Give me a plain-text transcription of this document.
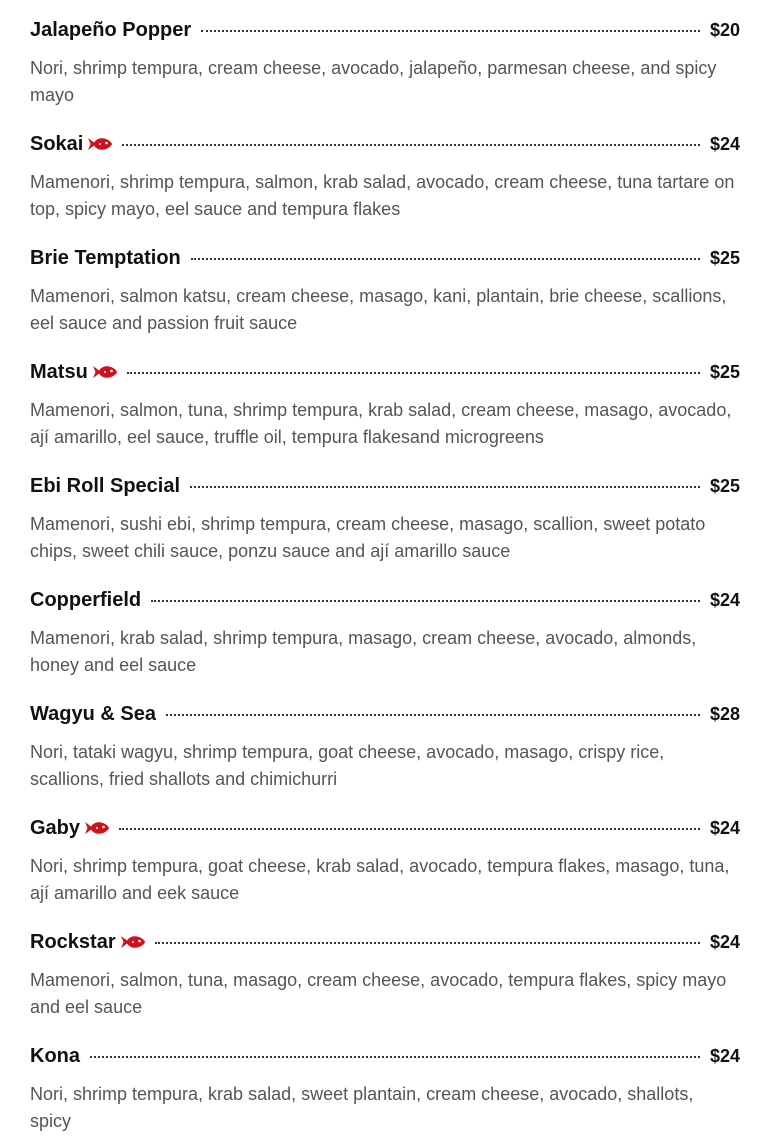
Jalapeño Popper	$20
Nori, shrimp tempura, cream cheese, avocado, jalapeño, parmesan cheese, and spicy mayo
Sokai	$24
Mamenori, shrimp tempura, salmon, krab salad, avocado, cream cheese, tuna tartare on top, spicy mayo, eel sauce and tempura flakes
Brie Temptation	$25
Mamenori, salmon katsu, cream cheese, masago, kani, plantain, brie cheese, scallions, eel sauce and passion fruit sauce
Matsu	$25
Mamenori, salmon, tuna, shrimp tempura, krab salad, cream cheese, masago, avocado, ají amarillo, eel sauce, truffle oil, tempura flakesand microgreens
Ebi Roll Special	$25
Mamenori, sushi ebi, shrimp tempura, cream cheese, masago, scallion, sweet potato chips, sweet chili sauce, ponzu sauce and ají amarillo sauce
Copperfield	$24
Mamenori, krab salad, shrimp tempura, masago, cream cheese, avocado, almonds, honey and eel sauce
Wagyu & Sea	$28
Nori, tataki wagyu, shrimp tempura, goat cheese, avocado, masago, crispy rice, scallions, fried shallots and chimichurri
Gaby	$24
Nori, shrimp tempura, goat cheese, krab salad, avocado, tempura flakes, masago, tuna, ají amarillo and eek sauce
Rockstar	$24
Mamenori, salmon, tuna, masago, cream cheese, avocado, tempura flakes, spicy mayo and eel sauce
Kona	$24
Nori, shrimp tempura, krab salad, sweet plantain, cream cheese, avocado, shallots, spicy
